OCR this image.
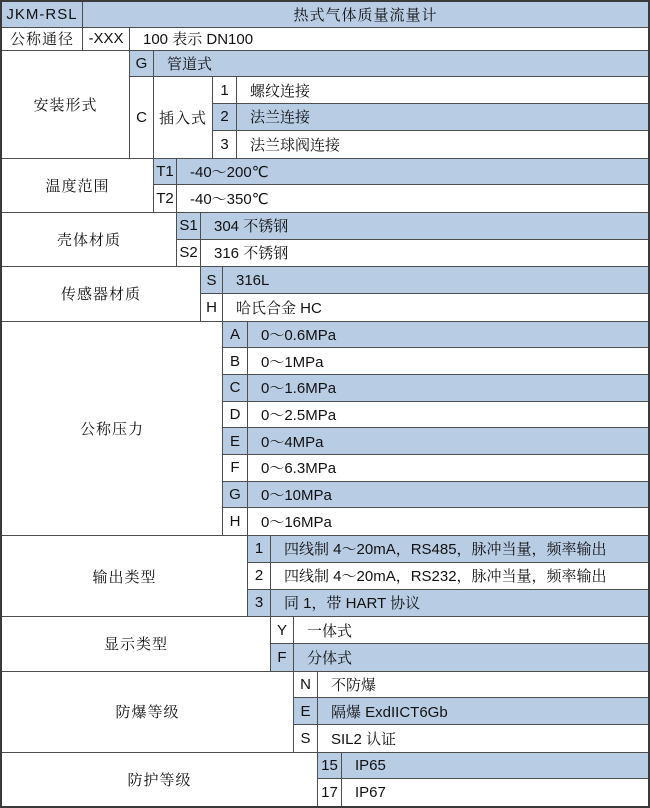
JKM-RSL	热式气体质量流量计
公称通径 -XXX	100 表示 DN100
安装形式
G	管道式
C 插入式
1	螺纹连接
2	法兰连接
3	法兰球阀连接
温度范围
T1	-40～200℃
T2	-40～350℃
壳体材质
S1	304 不锈钢
S2	316 不锈钢
传感器材质
S	316L
H	哈氏合金 HC
公称压力
A	0～0.6MPa
B	0～1MPa
C	0～1.6MPa
D	0～2.5MPa
E	0～4MPa
F	0～6.3MPa
G	0～10MPa
H	0～16MPa
输出类型
1	四线制 4～20mA，RS485，脉冲当量，频率输出
2	四线制 4～20mA，RS232，脉冲当量，频率输出
3	同 1，带 HART 协议
显示类型
Y	一体式
F	分体式
防爆等级
N	不防爆
E	隔爆 ExdIICT6Gb
S	SIL2 认证
防护等级
15	IP65
17	IP67
